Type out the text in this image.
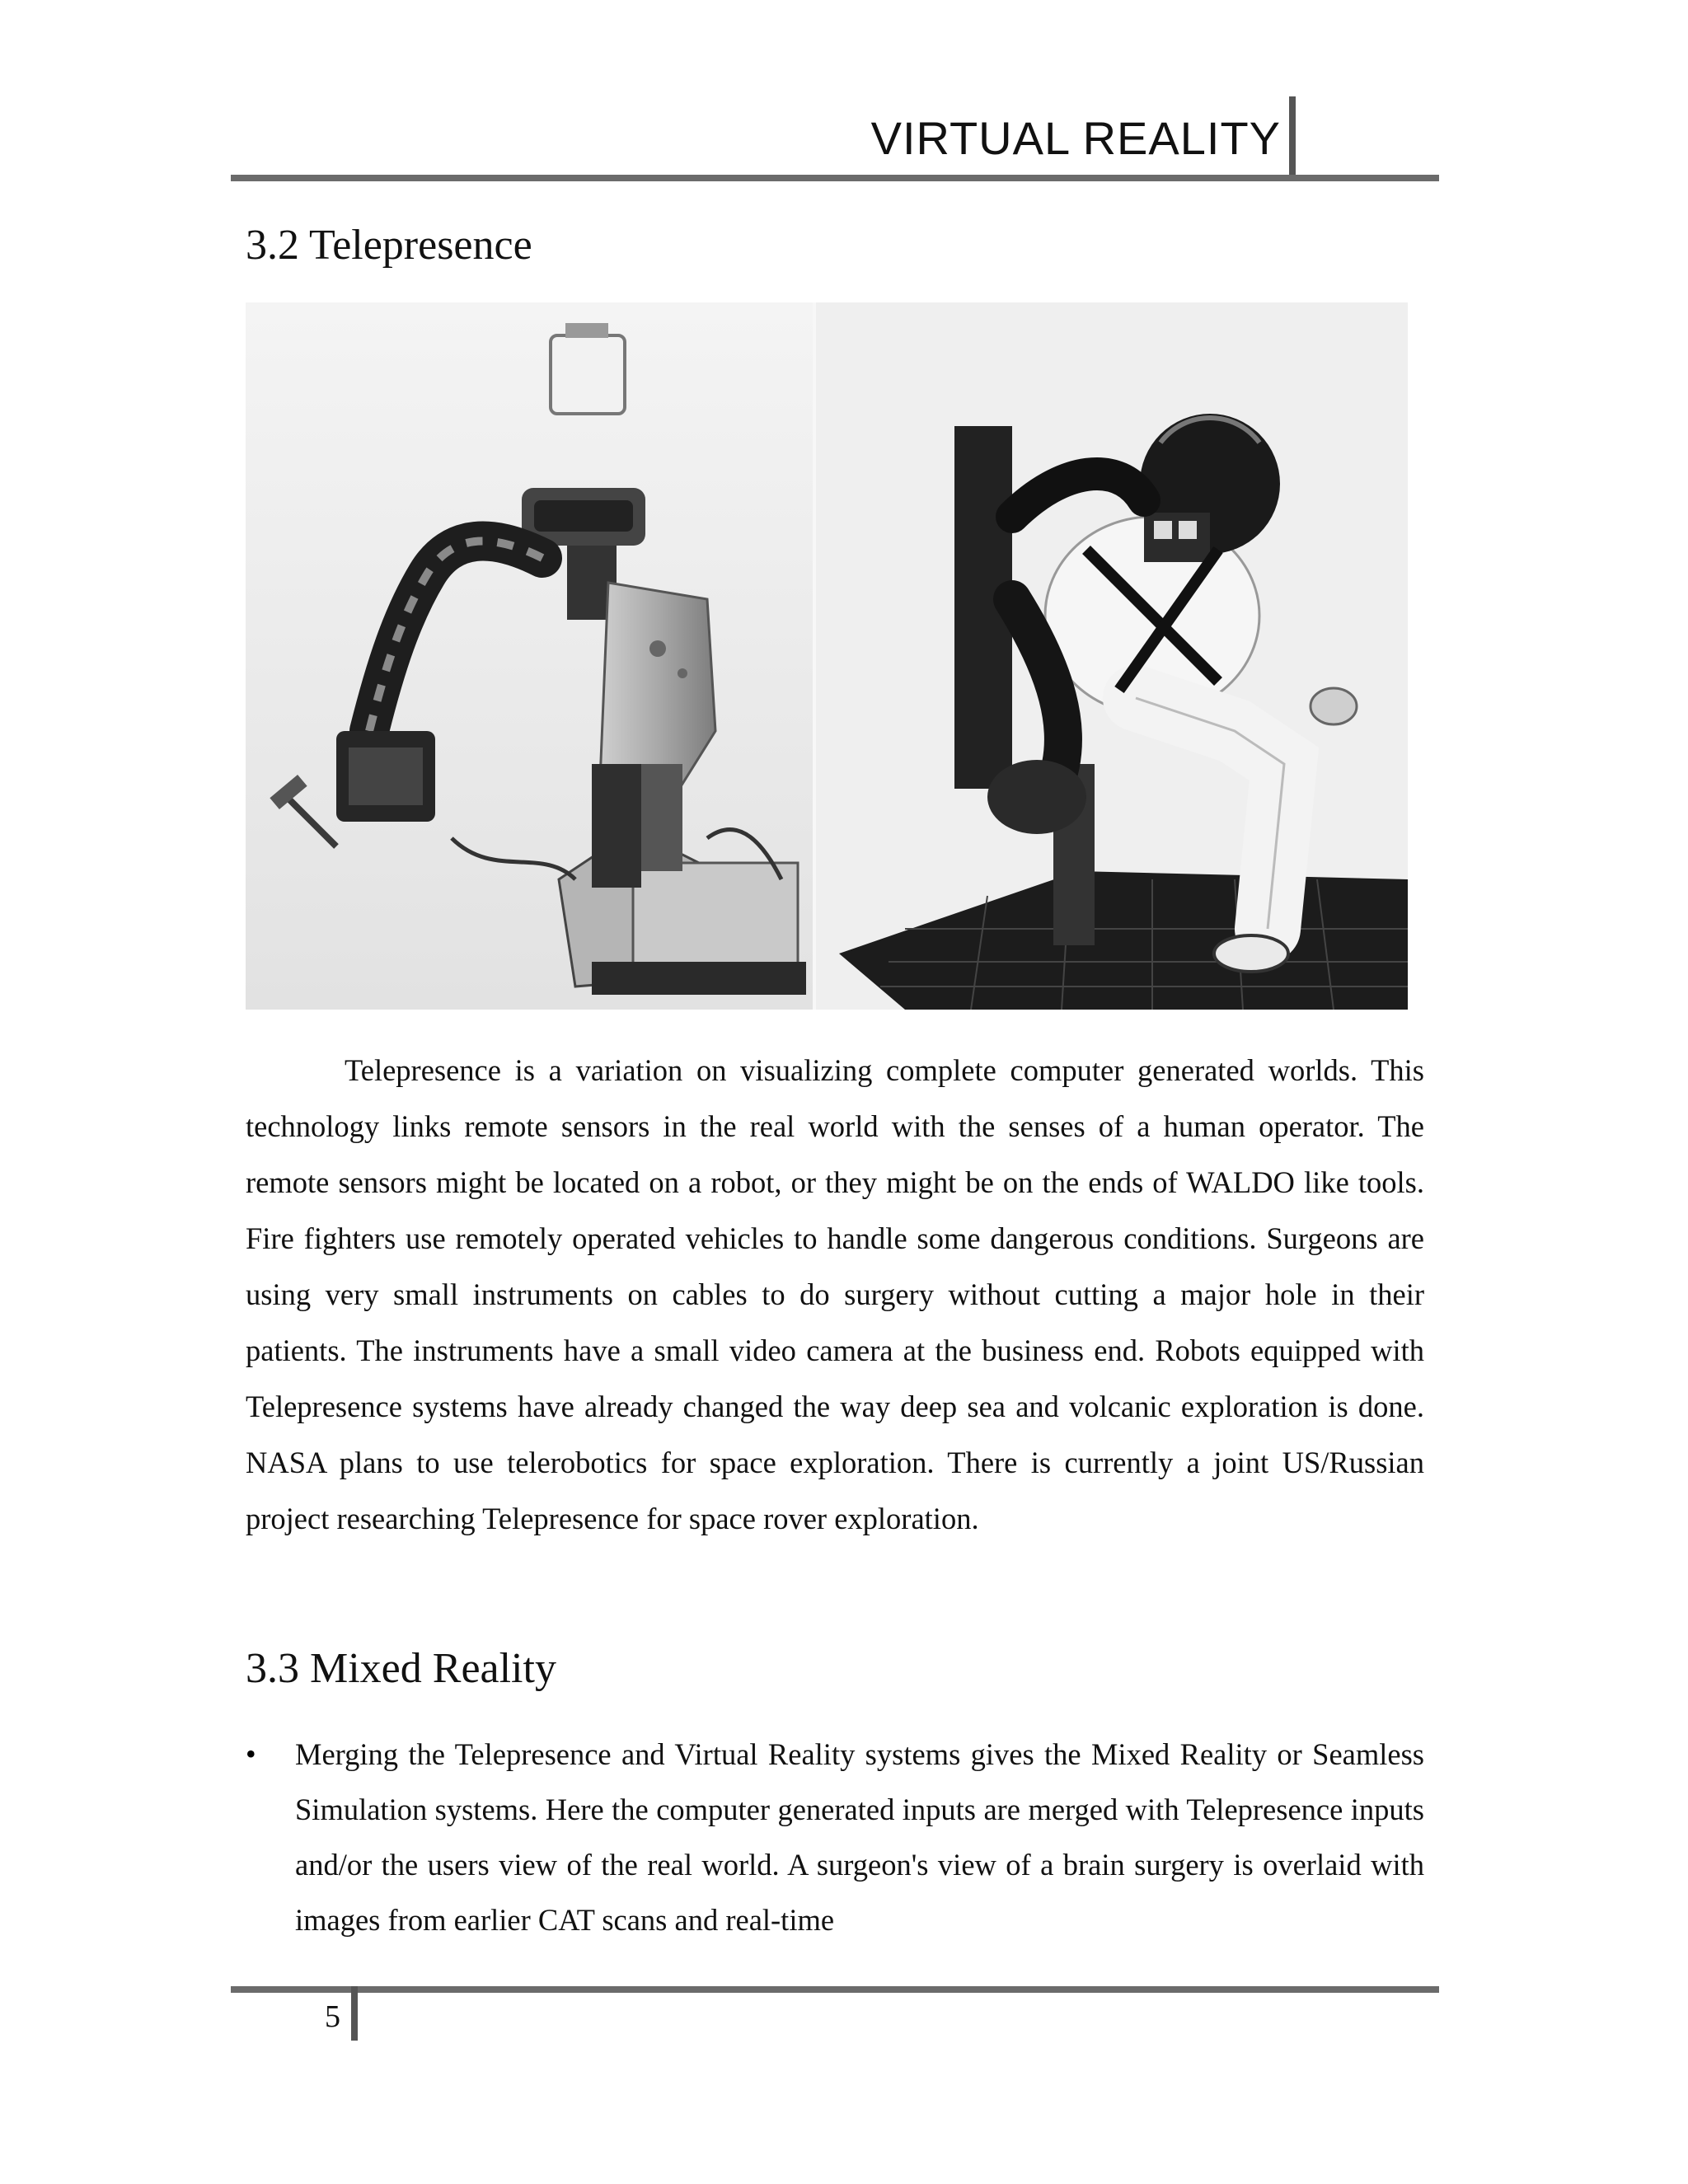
VIRTUAL REALITY
3.2 Telepresence

Telepresence is a variation on visualizing complete computer generated worlds. This technology links remote sensors in the real world with the senses of a human operator. The remote sensors might be located on a robot, or they might be on the ends of WALDO like tools. Fire fighters use remotely operated vehicles to handle some dangerous conditions. Surgeons are using very small instruments on cables to do surgery without cutting a major hole in their patients. The instruments have a small video camera at the business end. Robots equipped with Telepresence systems have already changed the way deep sea and volcanic exploration is done. NASA plans to use telerobotics for space exploration. There is currently a joint US/Russian project researching Telepresence for space rover exploration.

3.3 Mixed Reality
• Merging the Telepresence and Virtual Reality systems gives the Mixed Reality or Seamless Simulation systems. Here the computer generated inputs are merged with Telepresence inputs and/or the users view of the real world. A surgeon's view of a brain surgery is overlaid with images from earlier CAT scans and real-time

5
